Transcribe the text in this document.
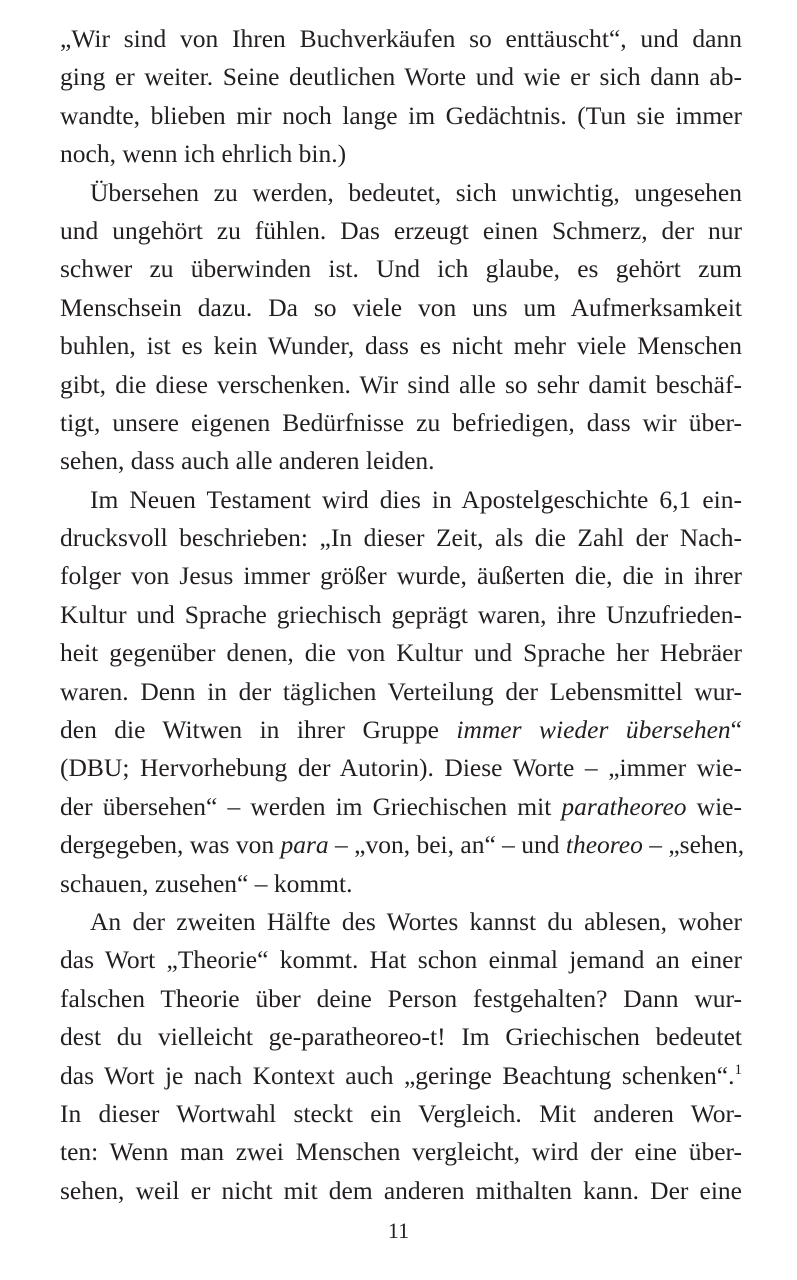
„Wir sind von Ihren Buchverkäufen so enttäuscht“, und dann
ging er weiter. Seine deutlichen Worte und wie er sich dann ab-
wandte, blieben mir noch lange im Gedächtnis. (Tun sie immer
noch, wenn ich ehrlich bin.)
Übersehen zu werden, bedeutet, sich unwichtig, ungesehen
und ungehört zu fühlen. Das erzeugt einen Schmerz, der nur
schwer zu überwinden ist. Und ich glaube, es gehört zum
Menschsein dazu. Da so viele von uns um Aufmerksamkeit
buhlen, ist es kein Wunder, dass es nicht mehr viele Menschen
gibt, die diese verschenken. Wir sind alle so sehr damit beschäf-
tigt, unsere eigenen Bedürfnisse zu befriedigen, dass wir über-
sehen, dass auch alle anderen leiden.
Im Neuen Testament wird dies in Apostelgeschichte 6,1 ein-
drucksvoll beschrieben: „In dieser Zeit, als die Zahl der Nach-
folger von Jesus immer größer wurde, äußerten die, die in ihrer
Kultur und Sprache griechisch geprägt waren, ihre Unzufrieden-
heit gegenüber denen, die von Kultur und Sprache her Hebräer
waren. Denn in der täglichen Verteilung der Lebensmittel wur-
den die Witwen in ihrer Gruppe immer wieder übersehen“
(DBU; Hervorhebung der Autorin). Diese Worte – „immer wie-
der übersehen“ – werden im Griechischen mit paratheoreo wie-
dergegeben, was von para – „von, bei, an“ – und theoreo – „sehen,
schauen, zusehen“ – kommt.
An der zweiten Hälfte des Wortes kannst du ablesen, woher
das Wort „Theorie“ kommt. Hat schon einmal jemand an einer
falschen Theorie über deine Person festgehalten? Dann wur-
dest du vielleicht ge-paratheoreo-t! Im Griechischen bedeutet
das Wort je nach Kontext auch „geringe Beachtung schenken“.$^1$
In dieser Wortwahl steckt ein Vergleich. Mit anderen Wor-
ten: Wenn man zwei Menschen vergleicht, wird der eine über-
sehen, weil er nicht mit dem anderen mithalten kann. Der eine
11
